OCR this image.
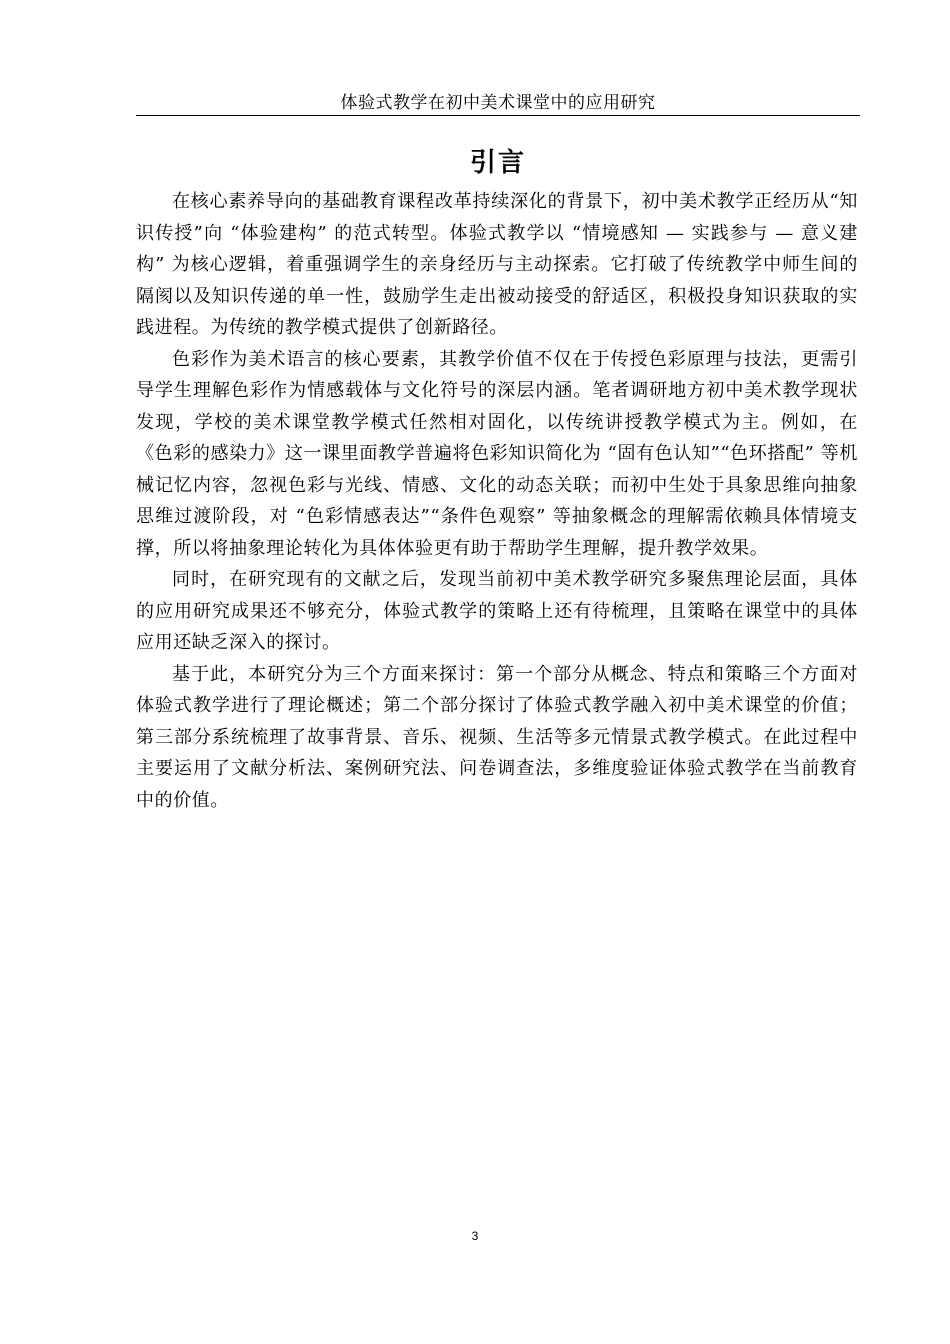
体验式教学在初中美术课堂中的应用研究
引言

在核心素养导向的基础教育课程改革持续深化的背景下，初中美术教学正经历从“知识传授”向 “体验建构” 的范式转型。体验式教学以 “情境感知 — 实践参与 — 意义建构” 为核心逻辑，着重强调学生的亲身经历与主动探索。它打破了传统教学中师生间的隔阂以及知识传递的单一性，鼓励学生走出被动接受的舒适区，积极投身知识获取的实践进程。为传统的教学模式提供了创新路径。

色彩作为美术语言的核心要素，其教学价值不仅在于传授色彩原理与技法，更需引导学生理解色彩作为情感载体与文化符号的深层内涵。笔者调研地方初中美术教学现状发现，学校的美术课堂教学模式任然相对固化，以传统讲授教学模式为主。例如，在《色彩的感染力》这一课里面教学普遍将色彩知识简化为 “固有色认知”“色环搭配” 等机械记忆内容，忽视色彩与光线、情感、文化的动态关联；而初中生处于具象思维向抽象思维过渡阶段，对 “色彩情感表达”“条件色观察” 等抽象概念的理解需依赖具体情境支撑，所以将抽象理论转化为具体体验更有助于帮助学生理解，提升教学效果。

同时，在研究现有的文献之后，发现当前初中美术教学研究多聚焦理论层面，具体的应用研究成果还不够充分，体验式教学的策略上还有待梳理，且策略在课堂中的具体应用还缺乏深入的探讨。

基于此，本研究分为三个方面来探讨：第一个部分从概念、特点和策略三个方面对体验式教学进行了理论概述；第二个部分探讨了体验式教学融入初中美术课堂的价值；第三部分系统梳理了故事背景、音乐、视频、生活等多元情景式教学模式。在此过程中主要运用了文献分析法、案例研究法、问卷调查法，多维度验证体验式教学在当前教育中的价值。

3
